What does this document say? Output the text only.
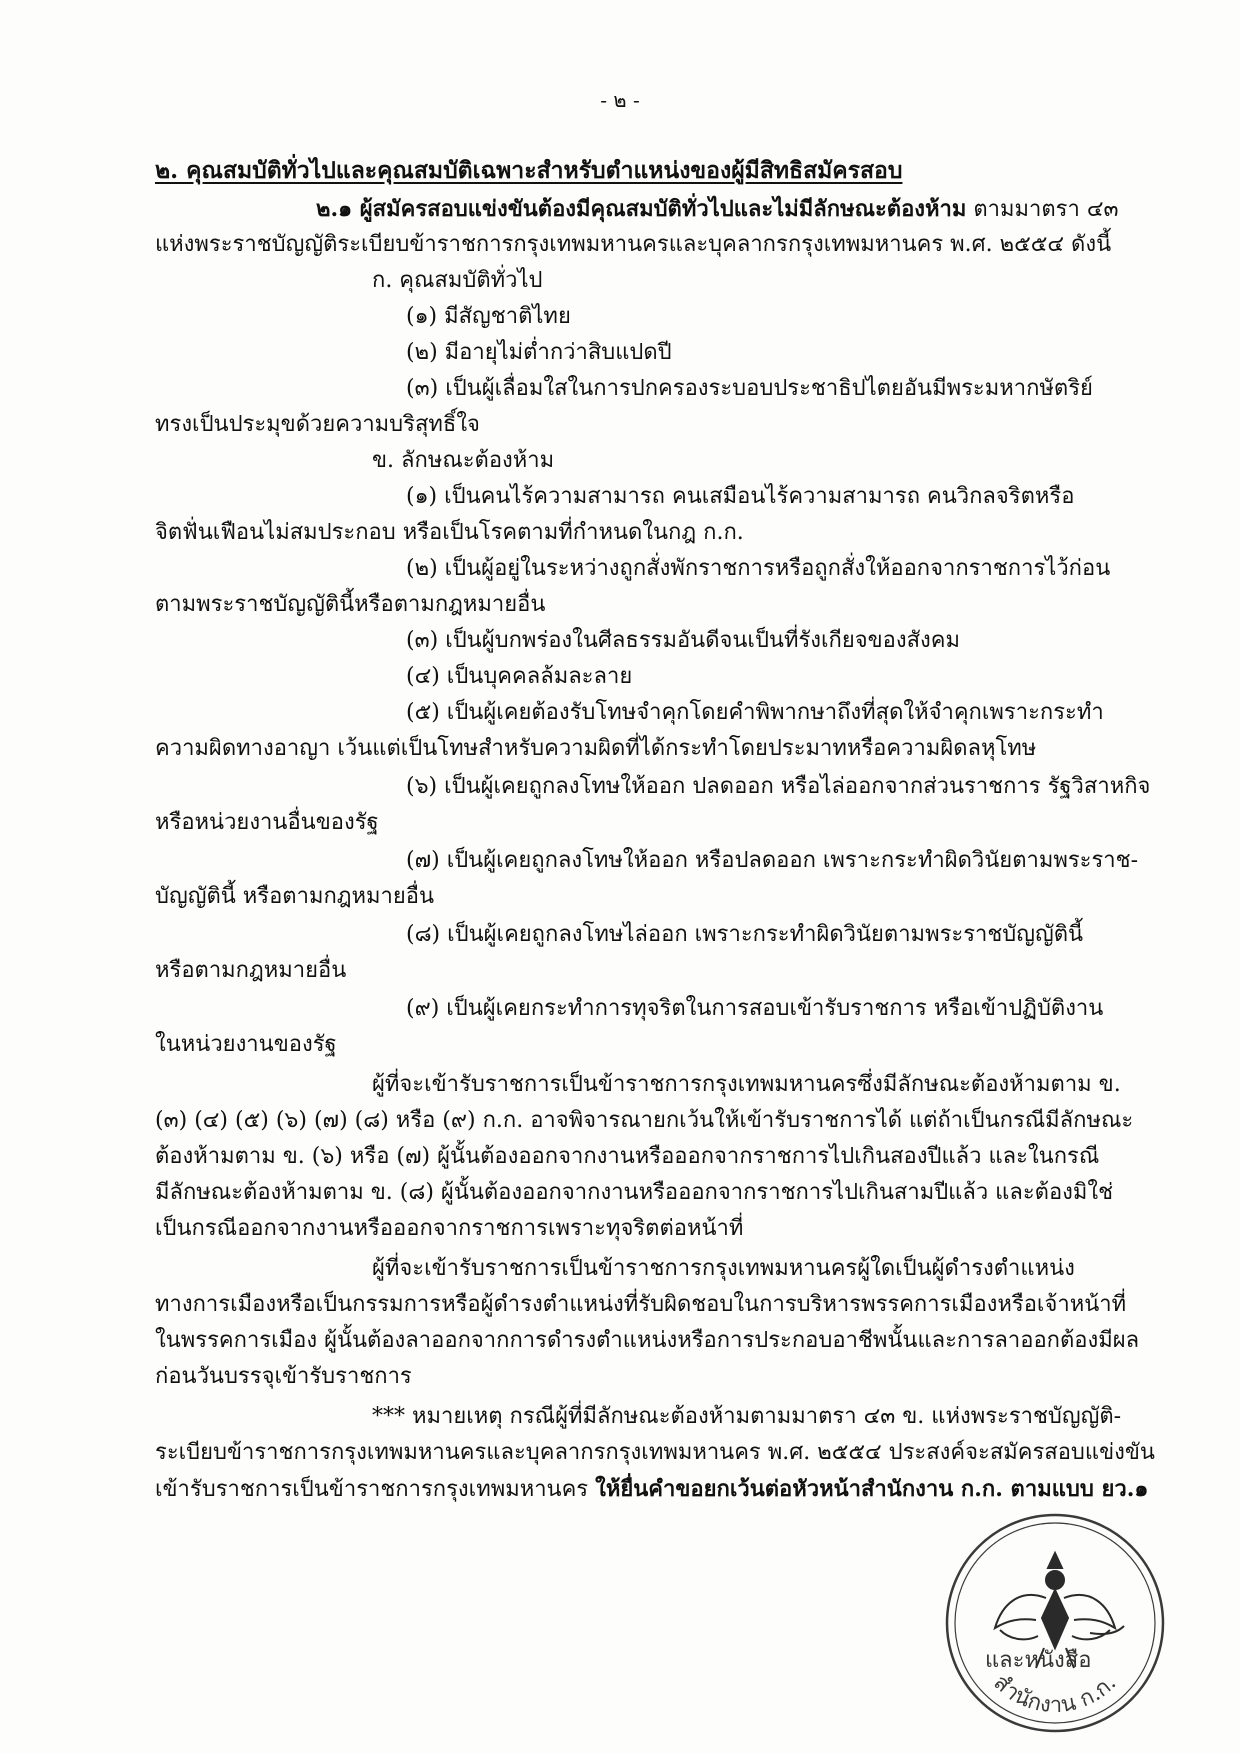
- ๒ -
๒. คุณสมบัติทั่วไปและคุณสมบัติเฉพาะสำหรับตำแหน่งของผู้มีสิทธิสมัครสอบ
๒.๑ ผู้สมัครสอบแข่งขันต้องมีคุณสมบัติทั่วไปและไม่มีลักษณะต้องห้าม ตามมาตรา ๔๓
แห่งพระราชบัญญัติระเบียบข้าราชการกรุงเทพมหานครและบุคลากรกรุงเทพมหานคร พ.ศ. ๒๕๕๔ ดังนี้
ก. คุณสมบัติทั่วไป
(๑) มีสัญชาติไทย
(๒) มีอายุไม่ต่ำกว่าสิบแปดปี
(๓) เป็นผู้เลื่อมใสในการปกครองระบอบประชาธิปไตยอันมีพระมหากษัตริย์
ทรงเป็นประมุขด้วยความบริสุทธิ์ใจ
ข. ลักษณะต้องห้าม
(๑) เป็นคนไร้ความสามารถ คนเสมือนไร้ความสามารถ คนวิกลจริตหรือ
จิตฟั่นเฟือนไม่สมประกอบ หรือเป็นโรคตามที่กำหนดในกฎ ก.ก.
(๒) เป็นผู้อยู่ในระหว่างถูกสั่งพักราชการหรือถูกสั่งให้ออกจากราชการไว้ก่อน
ตามพระราชบัญญัตินี้หรือตามกฎหมายอื่น
(๓) เป็นผู้บกพร่องในศีลธรรมอันดีจนเป็นที่รังเกียจของสังคม
(๔) เป็นบุคคลล้มละลาย
(๕) เป็นผู้เคยต้องรับโทษจำคุกโดยคำพิพากษาถึงที่สุดให้จำคุกเพราะกระทำ
ความผิดทางอาญา เว้นแต่เป็นโทษสำหรับความผิดที่ได้กระทำโดยประมาทหรือความผิดลหุโทษ
(๖) เป็นผู้เคยถูกลงโทษให้ออก ปลดออก หรือไล่ออกจากส่วนราชการ รัฐวิสาหกิจ
หรือหน่วยงานอื่นของรัฐ
(๗) เป็นผู้เคยถูกลงโทษให้ออก หรือปลดออก เพราะกระทำผิดวินัยตามพระราช-
บัญญัตินี้ หรือตามกฎหมายอื่น
(๘) เป็นผู้เคยถูกลงโทษไล่ออก เพราะกระทำผิดวินัยตามพระราชบัญญัตินี้
หรือตามกฎหมายอื่น
(๙) เป็นผู้เคยกระทำการทุจริตในการสอบเข้ารับราชการ หรือเข้าปฏิบัติงาน
ในหน่วยงานของรัฐ
ผู้ที่จะเข้ารับราชการเป็นข้าราชการกรุงเทพมหานครซึ่งมีลักษณะต้องห้ามตาม ข.
(๓) (๔) (๕) (๖) (๗) (๘) หรือ (๙) ก.ก. อาจพิจารณายกเว้นให้เข้ารับราชการได้ แต่ถ้าเป็นกรณีมีลักษณะ
ต้องห้ามตาม ข. (๖) หรือ (๗) ผู้นั้นต้องออกจากงานหรือออกจากราชการไปเกินสองปีแล้ว และในกรณี
มีลักษณะต้องห้ามตาม ข. (๘) ผู้นั้นต้องออกจากงานหรือออกจากราชการไปเกินสามปีแล้ว และต้องมิใช่
เป็นกรณีออกจากงานหรือออกจากราชการเพราะทุจริตต่อหน้าที่
ผู้ที่จะเข้ารับราชการเป็นข้าราชการกรุงเทพมหานครผู้ใดเป็นผู้ดำรงตำแหน่ง
ทางการเมืองหรือเป็นกรรมการหรือผู้ดำรงตำแหน่งที่รับผิดชอบในการบริหารพรรคการเมืองหรือเจ้าหน้าที่
ในพรรคการเมือง ผู้นั้นต้องลาออกจากการดำรงตำแหน่งหรือการประกอบอาชีพนั้นและการลาออกต้องมีผล
ก่อนวันบรรจุเข้ารับราชการ
*** หมายเหตุ กรณีผู้ที่มีลักษณะต้องห้ามตามมาตรา ๔๓ ข. แห่งพระราชบัญญัติ-
ระเบียบข้าราชการกรุงเทพมหานครและบุคลากรกรุงเทพมหานคร พ.ศ. ๒๕๕๔ ประสงค์จะสมัครสอบแข่งขัน
เข้ารับราชการเป็นข้าราชการกรุงเทพมหานคร ให้ยื่นคำขอยกเว้นต่อหัวหน้าสำนักงาน ก.ก. ตามแบบ ยว.๑
สำนักงาน ก.ก.
และหนังสือ
